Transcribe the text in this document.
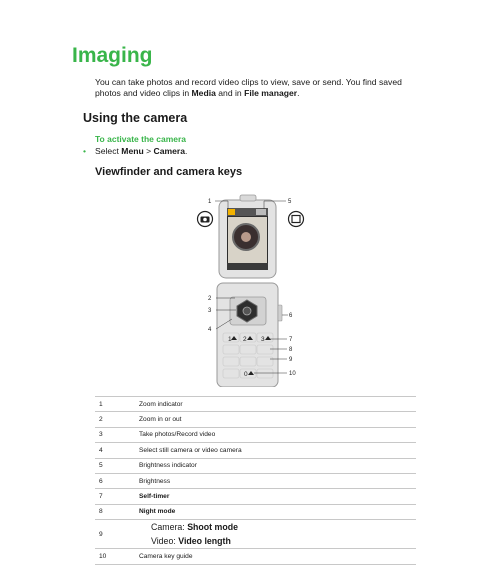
Imaging

You can take photos and record video clips to view, save or send. You find saved photos and video clips in Media and in File manager.

Using the camera
To activate the camera

• Select Menu > Camera.

Viewfinder and camera keys
1 2 3
0
1	5
2
3
4
6
7
8
9
10
1	Zoom indicator
2	Zoom in or out
3	Take photos/Record video
4	Select still camera or video camera
5	Brightness indicator
6	Brightness
7	Self-timer
8	Night mode
9	Camera: Shoot mode
Video: Video length

10	Camera key guide
